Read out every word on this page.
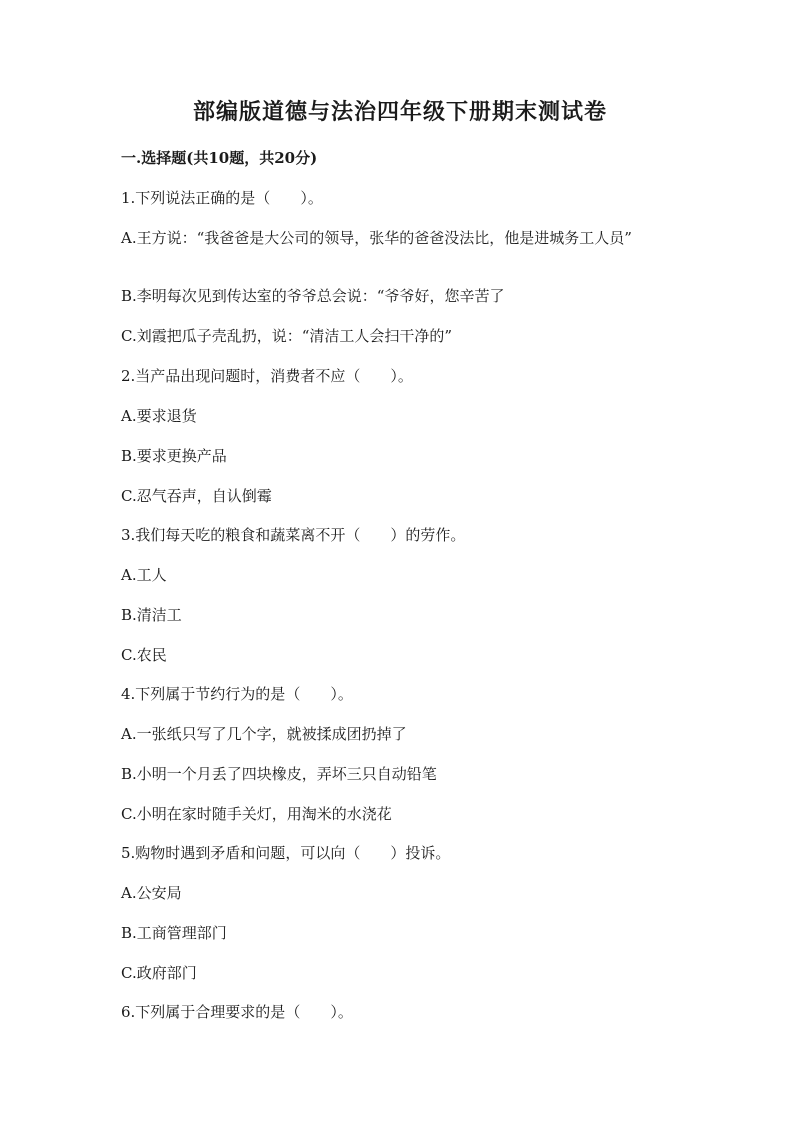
部编版道德与法治四年级下册期末测试卷
一.选择题(共10题，共20分)
1.下列说法正确的是（　　）。
A.王方说：“我爸爸是大公司的领导，张华的爸爸没法比，他是进城务工人员”
B.李明每次见到传达室的爷爷总会说：“爷爷好，您辛苦了
C.刘霞把瓜子壳乱扔，说：“清洁工人会扫干净的”
2.当产品出现问题时，消费者不应（　　）。
A.要求退货
B.要求更换产品
C.忍气吞声，自认倒霉
3.我们每天吃的粮食和蔬菜离不开（　　）的劳作。
A.工人
B.清洁工
C.农民
4.下列属于节约行为的是（　　）。
A.一张纸只写了几个字，就被揉成团扔掉了
B.小明一个月丢了四块橡皮，弄坏三只自动铅笔
C.小明在家时随手关灯，用淘米的水浇花
5.购物时遇到矛盾和问题，可以向（　　）投诉。
A.公安局
B.工商管理部门
C.政府部门
6.下列属于合理要求的是（　　）。
